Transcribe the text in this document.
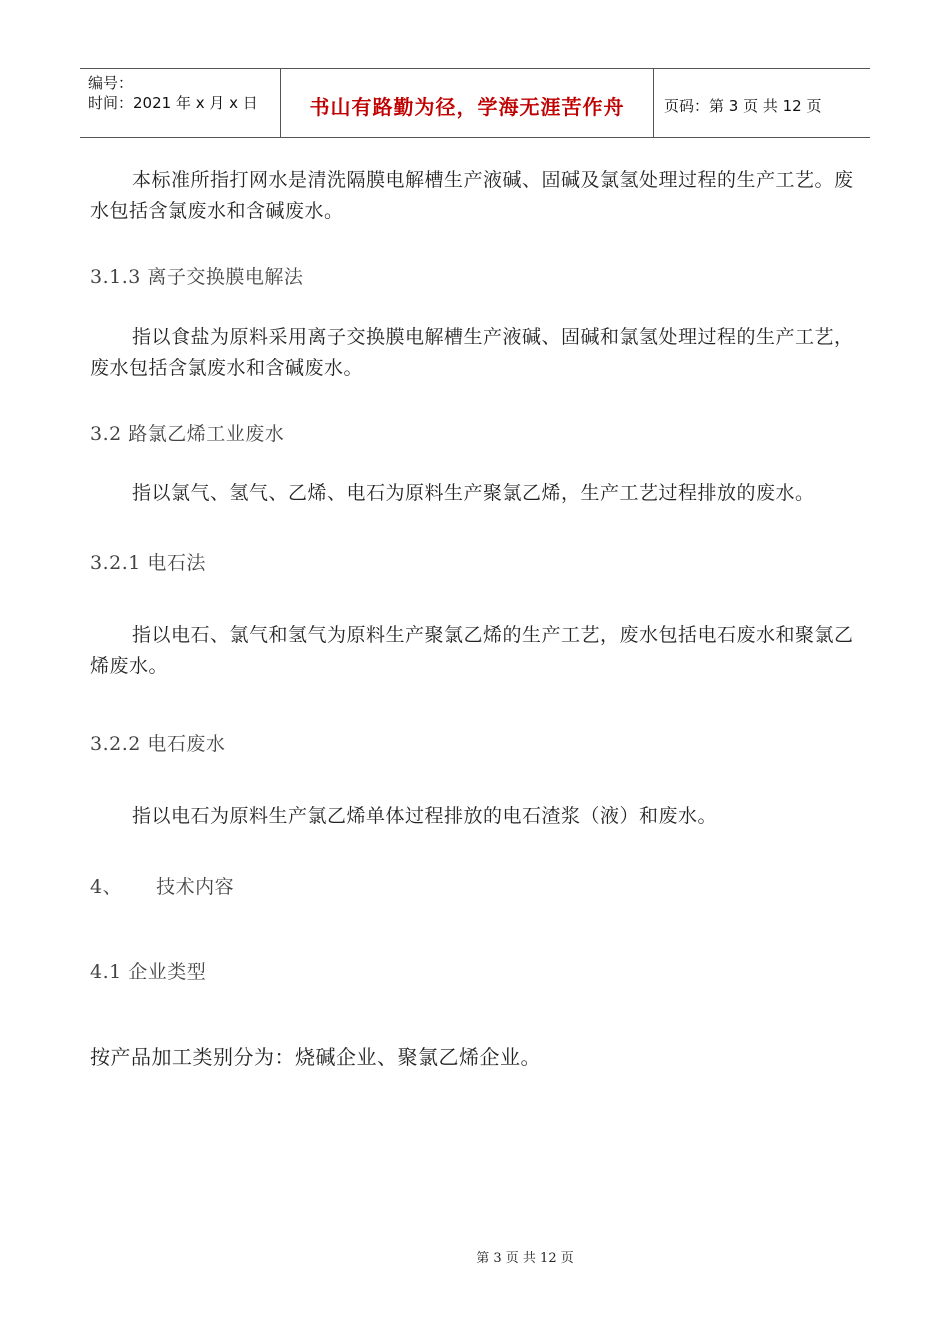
编号：
时间：2021 年 x 月 x 日	书山有路勤为径，学海无涯苦作舟	页码：第 3 页 共 12 页

本标准所指打网水是清洗隔膜电解槽生产液碱、固碱及氯氢处理过程的生产工艺。废水包括含氯废水和含碱废水。

3.1.3 离子交换膜电解法

指以食盐为原料采用离子交换膜电解槽生产液碱、固碱和氯氢处理过程的生产工艺，废水包括含氯废水和含碱废水。

3.2 路氯乙烯工业废水

指以氯气、氢气、乙烯、电石为原料生产聚氯乙烯，生产工艺过程排放的废水。

3.2.1 电石法

指以电石、氯气和氢气为原料生产聚氯乙烯的生产工艺，废水包括电石废水和聚氯乙烯废水。

3.2.2 电石废水

指以电石为原料生产氯乙烯单体过程排放的电石渣浆（液）和废水。

4、 技术内容

4.1 企业类型

按产品加工类别分为：烧碱企业、聚氯乙烯企业。

第 3 页 共 12 页
